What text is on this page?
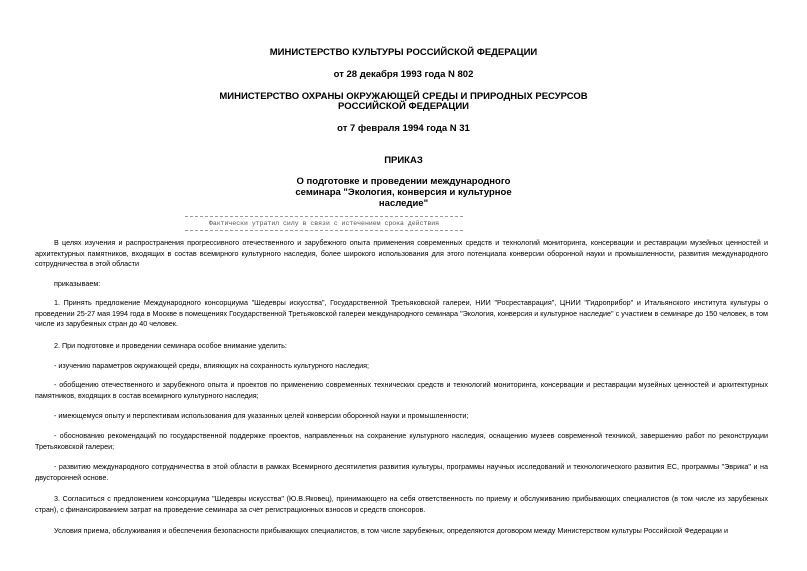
МИНИСТЕРСТВО КУЛЬТУРЫ РОССИЙСКОЙ ФЕДЕРАЦИИ
от 28 декабря 1993 года N 802
МИНИСТЕРСТВО ОХРАНЫ ОКРУЖАЮЩЕЙ СРЕДЫ И ПРИРОДНЫХ РЕСУРСОВ
РОССИЙСКОЙ ФЕДЕРАЦИИ
от 7 февраля 1994 года N 31
ПРИКАЗ
О подготовке и проведении международного
семинара "Экология, конверсия и культурное
наследие"
Фактически утратил силу в связи с истечением срока действия
В целях изучения и распространения прогрессивного отечественного и зарубежного опыта применения современных средств и технологий мониторинга, консервации и реставрации музейных ценностей и архитектурных памятников, входящих в состав всемирного культурного наследия, более широкого использования для этого потенциала конверсии оборонной науки и промышленности, развития международного сотрудничества в этой области
приказываем:
1. Принять предложение Международного консорциума "Шедевры искусства", Государственной Третьяковской галереи, НИИ "Росреставрация", ЦНИИ "Гидроприбор" и Итальянского института культуры о проведении 25-27 мая 1994 года в Москве в помещениях Государственной Третьяковской галереи международного семинара "Экология, конверсия и культурное наследие" с участием в семинаре до 150 человек, в том числе из зарубежных стран до 40 человек.
2. При подготовке и проведении семинара особое внимание уделить:
- изучению параметров окружающей среды, влияющих на сохранность культурного наследия;
- обобщению отечественного и зарубежного опыта и проектов по применению современных технических средств и технологий мониторинга, консервации и реставрации музейных ценностей и архитектурных памятников, входящих в состав всемирного культурного наследия;
- имеющемуся опыту и перспективам использования для указанных целей конверсии оборонной науки и промышленности;
- обоснованию рекомендаций по государственной поддержке проектов, направленных на сохранение культурного наследия, оснащению музеев современной техникой, завершению работ по реконструкции Третьяковской галереи;
- развитию международного сотрудничества в этой области в рамках Всемирного десятилетия развития культуры, программы научных исследований и технологического развития ЕС, программы "Эврика" и на двусторонней основе.
3. Согласиться с предложением консорциума "Шедевры искусства" (Ю.В.Яковец), принимающего на себя ответственность по приему и обслуживанию прибывающих специалистов (в том числе из зарубежных стран), с финансированием затрат на проведение семинара за счет регистрационных взносов и средств спонсоров.
Условия приема, обслуживания и обеспечения безопасности прибывающих специалистов, в том числе зарубежных, определяются договором между Министерством культуры Российской Федерации и
